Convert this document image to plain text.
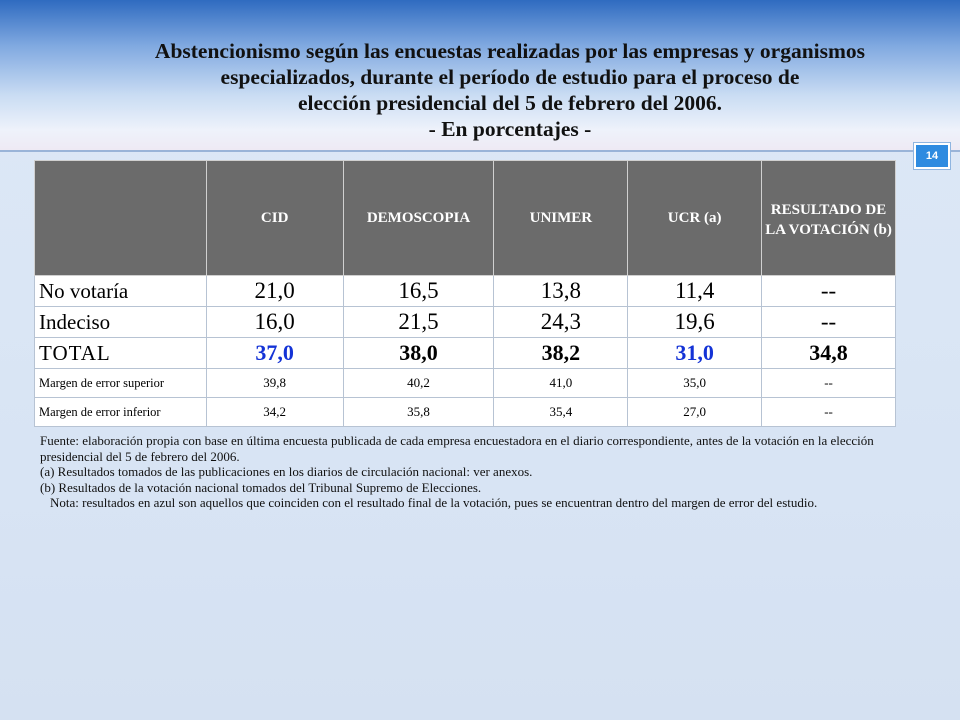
Abstencionismo según las encuestas realizadas por las empresas y organismos
especializados, durante el período de estudio para el proceso de
elección presidencial del 5 de febrero del 2006.
- En porcentajes -
14
	CID	DEMOSCOPIA	UNIMER	UCR (a)	RESULTADO DE LA VOTACIÓN (b)
No votaría	21,0	16,5	13,8	11,4	--
Indeciso	16,0	21,5	24,3	19,6	--
TOTAL	37,0	38,0	38,2	31,0	34,8
Margen de error superior	39,8	40,2	41,0	35,0	--
Margen de error inferior	34,2	35,8	35,4	27,0	--

Fuente: elaboración propia con base en última encuesta publicada de cada empresa encuestadora en el diario correspondiente, antes de la votación en la elección presidencial del 5 de febrero del 2006.

(a) Resultados tomados de las publicaciones en los diarios de circulación nacional: ver anexos.

(b) Resultados de la votación nacional tomados del Tribunal Supremo de Elecciones.

Nota: resultados en azul son aquellos que coinciden con el resultado final de la votación, pues se encuentran dentro del margen de error del estudio.
